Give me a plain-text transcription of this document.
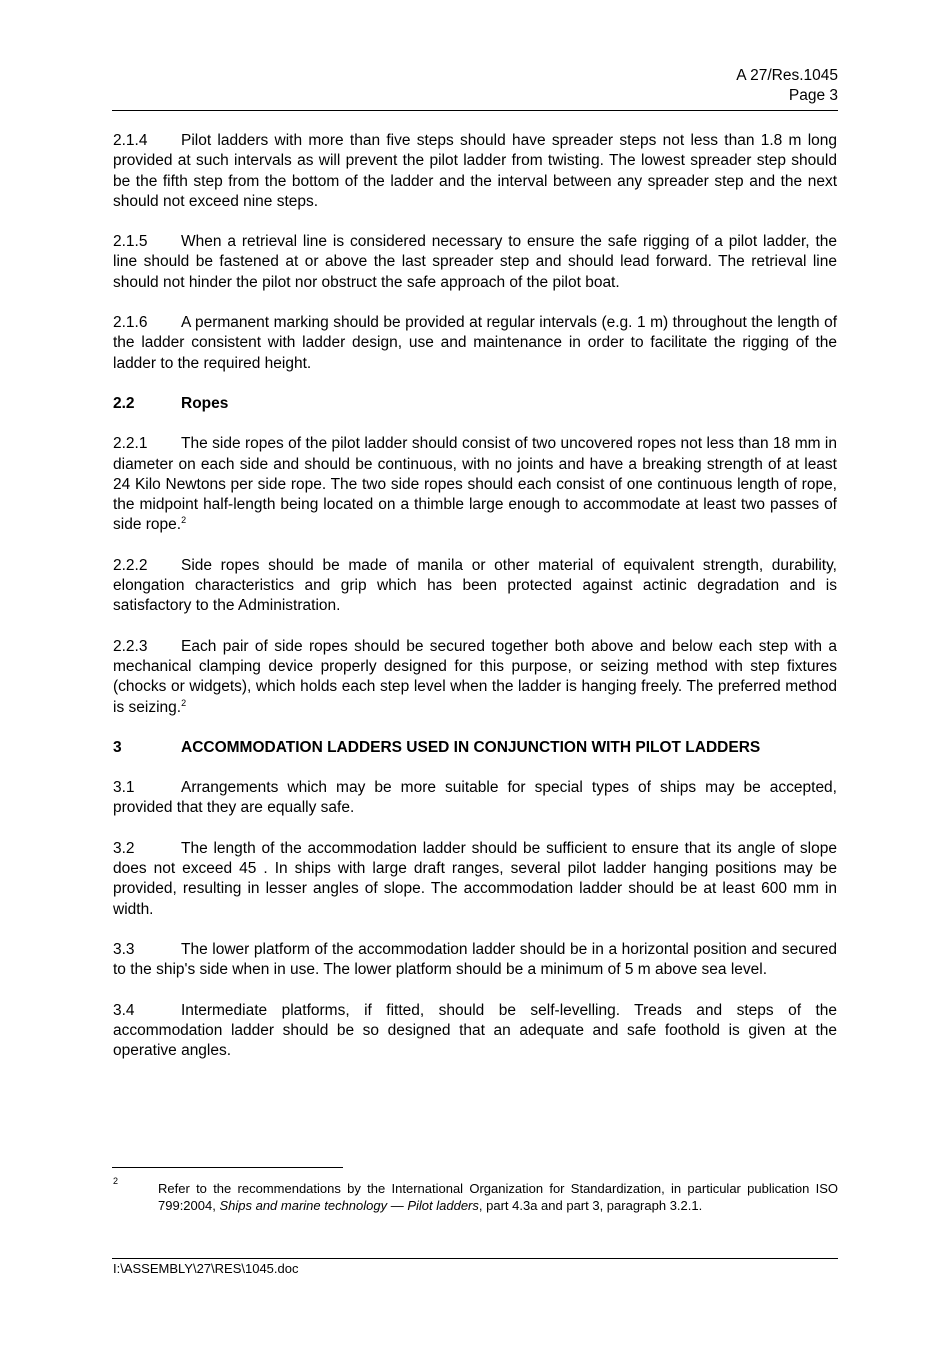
A 27/Res.1045
Page 3

2.1.4 Pilot ladders with more than five steps should have spreader steps not less than 1.8 m long provided at such intervals as will prevent the pilot ladder from twisting. The lowest spreader step should be the fifth step from the bottom of the ladder and the interval between any spreader step and the next should not exceed nine steps.

2.1.5 When a retrieval line is considered necessary to ensure the safe rigging of a pilot ladder, the line should be fastened at or above the last spreader step and should lead forward. The retrieval line should not hinder the pilot nor obstruct the safe approach of the pilot boat.

2.1.6 A permanent marking should be provided at regular intervals (e.g. 1 m) throughout the length of the ladder consistent with ladder design, use and maintenance in order to facilitate the rigging of the ladder to the required height.

2.2	Ropes

2.2.1 The side ropes of the pilot ladder should consist of two uncovered ropes not less than 18 mm in diameter on each side and should be continuous, with no joints and have a breaking strength of at least 24 Kilo Newtons per side rope. The two side ropes should each consist of one continuous length of rope, the midpoint half-length being located on a thimble large enough to accommodate at least two passes of side rope.$^2$

2.2.2 Side ropes should be made of manila or other material of equivalent strength, durability, elongation characteristics and grip which has been protected against actinic degradation and is satisfactory to the Administration.

2.2.3 Each pair of side ropes should be secured together both above and below each step with a mechanical clamping device properly designed for this purpose, or seizing method with step fixtures (chocks or widgets), which holds each step level when the ladder is hanging freely. The preferred method is seizing.$^2$

3	ACCOMMODATION LADDERS USED IN CONJUNCTION WITH PILOT LADDERS

3.1	Arrangements which may be more suitable for special types of ships may be accepted, provided that they are equally safe.

3.2	The length of the accommodation ladder should be sufficient to ensure that its angle of slope does not exceed 45 . In ships with large draft ranges, several pilot ladder hanging positions may be provided, resulting in lesser angles of slope. The accommodation ladder should be at least 600 mm in width.

3.3	The lower platform of the accommodation ladder should be in a horizontal position and secured to the ship's side when in use. The lower platform should be a minimum of 5 m above sea level.

3.4	Intermediate platforms, if fitted, should be self-levelling. Treads and steps of the accommodation ladder should be so designed that an adequate and safe foothold is given at the operative angles.

2	Refer to the recommendations by the International Organization for Standardization, in particular publication ISO 799:2004, Ships and marine technology — Pilot ladders, part 4.3a and part 3, paragraph 3.2.1.
I:\ASSEMBLY\27\RES\1045.doc
